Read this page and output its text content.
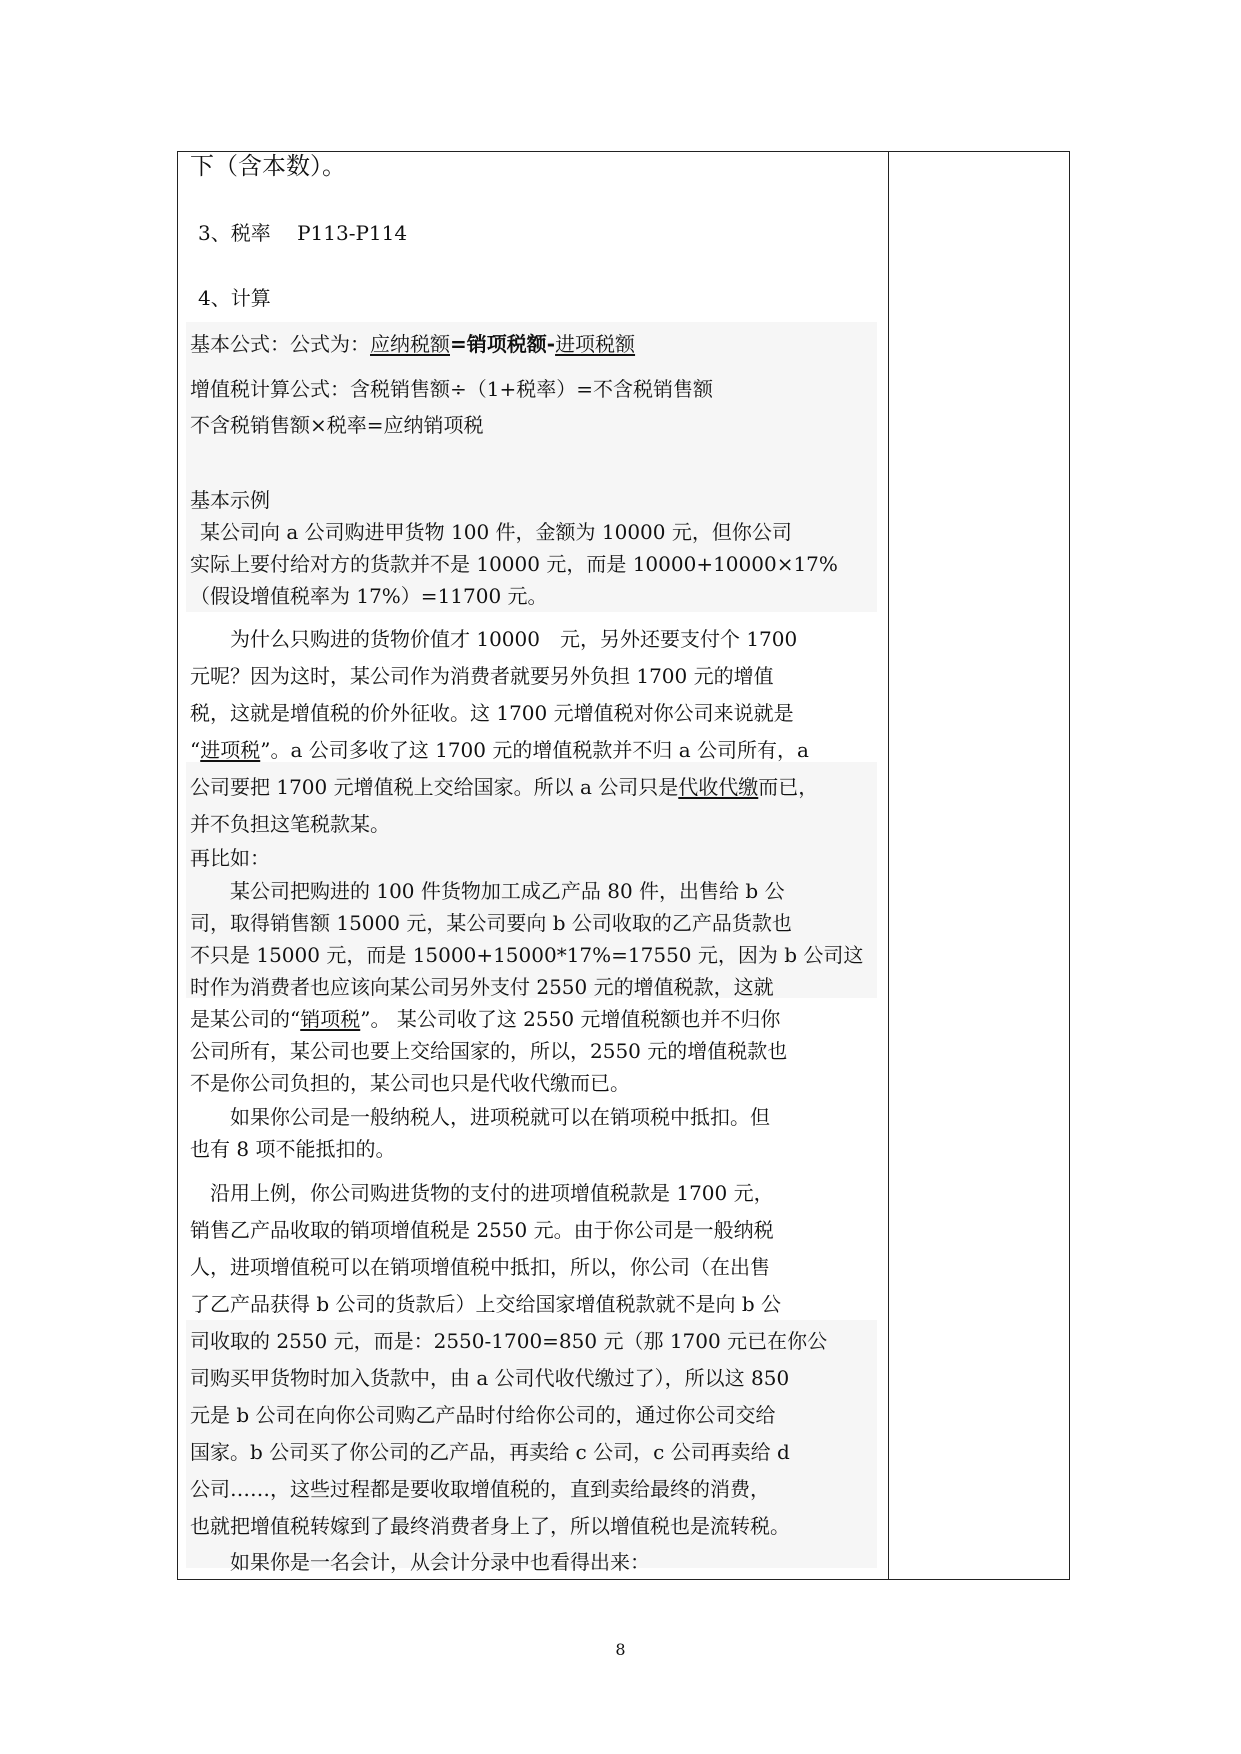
下（含本数）。
3、税率　 P113-P114
4、计算
基本公式：公式为：应纳税额=销项税额-进项税额
增值税计算公式：含税销售额÷（1+税率）=不含税销售额
不含税销售额×税率=应纳销项税
基本示例
某公司向 a 公司购进甲货物 100 件，金额为 10000 元，但你公司
实际上要付给对方的货款并不是 10000 元，而是 10000+10000×17%
（假设增值税率为 17%）=11700 元。
为什么只购进的货物价值才 10000　元，另外还要支付个 1700
元呢？因为这时，某公司作为消费者就要另外负担 1700 元的增值
税，这就是增值税的价外征收。这 1700 元增值税对你公司来说就是
“进项税”。a 公司多收了这 1700 元的增值税款并不归 a 公司所有，a
公司要把 1700 元增值税上交给国家。所以 a 公司只是代收代缴而已，
并不负担这笔税款某。
再比如：
某公司把购进的 100 件货物加工成乙产品 80 件，出售给 b 公
司，取得销售额 15000 元，某公司要向 b 公司收取的乙产品货款也
不只是 15000 元，而是 15000+15000*17%=17550 元，因为 b 公司这
时作为消费者也应该向某公司另外支付 2550 元的增值税款，这就
是某公司的“销项税”。 某公司收了这 2550 元增值税额也并不归你
公司所有，某公司也要上交给国家的，所以，2550 元的增值税款也
不是你公司负担的，某公司也只是代收代缴而已。
如果你公司是一般纳税人，进项税就可以在销项税中抵扣。但
也有 8 项不能抵扣的。
沿用上例，你公司购进货物的支付的进项增值税款是 1700 元，
销售乙产品收取的销项增值税是 2550 元。由于你公司是一般纳税
人，进项增值税可以在销项增值税中抵扣，所以，你公司（在出售
了乙产品获得 b 公司的货款后）上交给国家增值税款就不是向 b 公
司收取的 2550 元，而是：2550-1700=850 元（那 1700 元已在你公
司购买甲货物时加入货款中，由 a 公司代收代缴过了），所以这 850
元是 b 公司在向你公司购乙产品时付给你公司的，通过你公司交给
国家。b 公司买了你公司的乙产品，再卖给 c 公司，c 公司再卖给 d
公司……，这些过程都是要收取增值税的，直到卖给最终的消费，
也就把增值税转嫁到了最终消费者身上了，所以增值税也是流转税。
如果你是一名会计，从会计分录中也看得出来：
8
